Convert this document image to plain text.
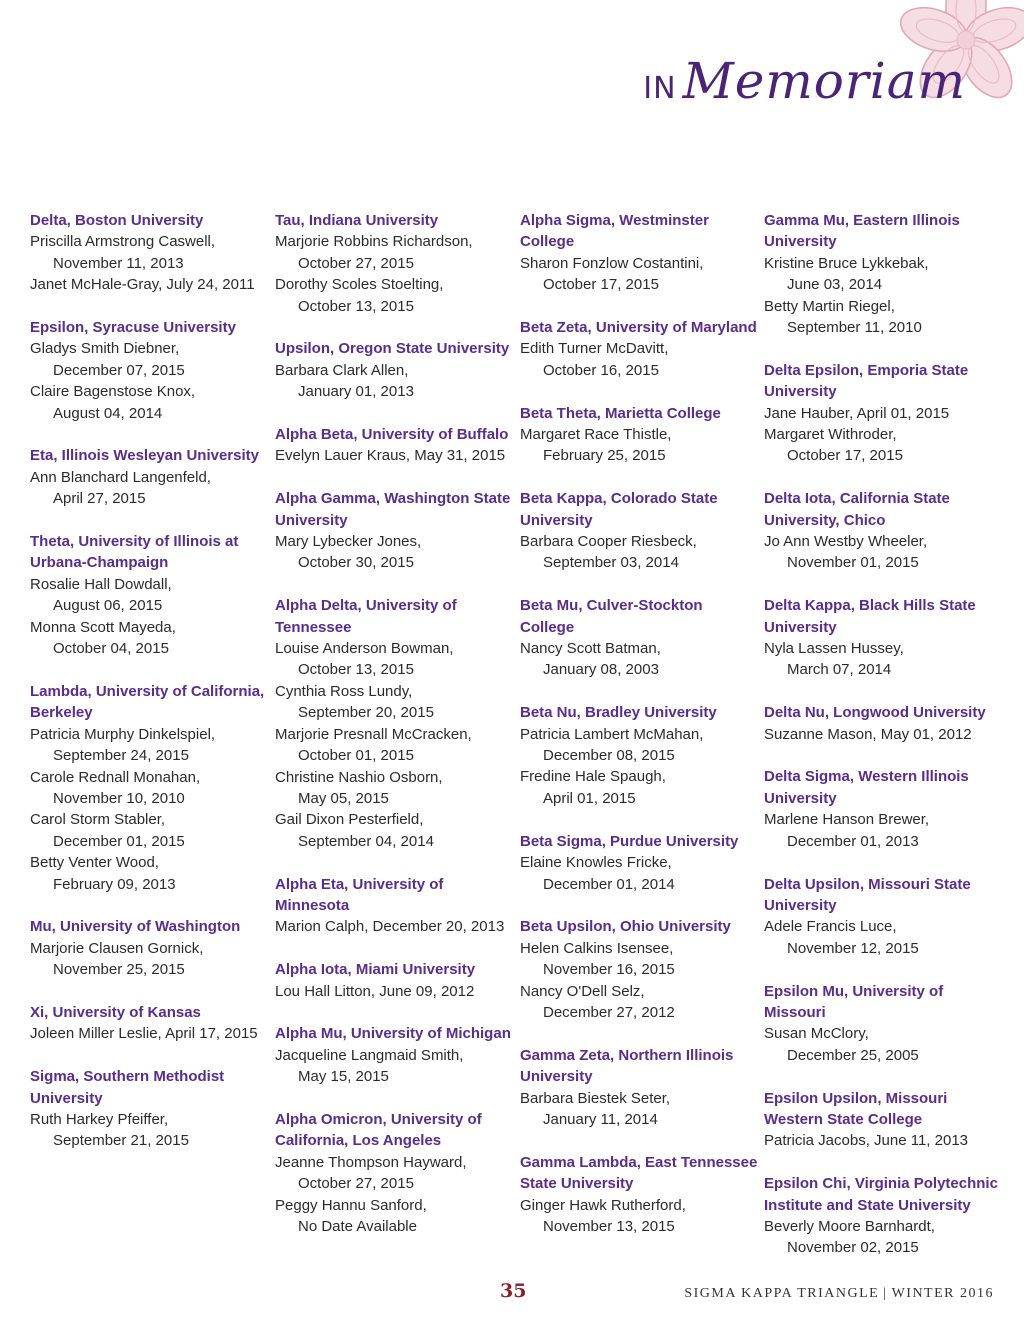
IN Memoriam
Delta, Boston University
Priscilla Armstrong Caswell,
November 11, 2013
Janet McHale-Gray, July 24, 2011
Epsilon, Syracuse University
Gladys Smith Diebner,
December 07, 2015
Claire Bagenstose Knox,
August 04, 2014
Eta, Illinois Wesleyan University
Ann Blanchard Langenfeld,
April 27, 2015
Theta, University of Illinois at Urbana-Champaign
Rosalie Hall Dowdall,
August 06, 2015
Monna Scott Mayeda,
October 04, 2015
Lambda, University of California, Berkeley
Patricia Murphy Dinkelspiel,
September 24, 2015
Carole Rednall Monahan,
November 10, 2010
Carol Storm Stabler,
December 01, 2015
Betty Venter Wood,
February 09, 2013
Mu, University of Washington
Marjorie Clausen Gornick,
November 25, 2015
Xi, University of Kansas
Joleen Miller Leslie, April 17, 2015
Sigma, Southern Methodist University
Ruth Harkey Pfeiffer,
September 21, 2015
Tau, Indiana University
Marjorie Robbins Richardson,
October 27, 2015
Dorothy Scoles Stoelting,
October 13, 2015
Upsilon, Oregon State University
Barbara Clark Allen,
January 01, 2013
Alpha Beta, University of Buffalo
Evelyn Lauer Kraus, May 31, 2015
Alpha Gamma, Washington State University
Mary Lybecker Jones,
October 30, 2015
Alpha Delta, University of Tennessee
Louise Anderson Bowman,
October 13, 2015
Cynthia Ross Lundy,
September 20, 2015
Marjorie Presnall McCracken,
October 01, 2015
Christine Nashio Osborn,
May 05, 2015
Gail Dixon Pesterfield,
September 04, 2014
Alpha Eta, University of Minnesota
Marion Calph, December 20, 2013
Alpha Iota, Miami University
Lou Hall Litton, June 09, 2012
Alpha Mu, University of Michigan
Jacqueline Langmaid Smith,
May 15, 2015
Alpha Omicron, University of California, Los Angeles
Jeanne Thompson Hayward,
October 27, 2015
Peggy Hannu Sanford,
No Date Available
Alpha Sigma, Westminster College
Sharon Fonzlow Costantini,
October 17, 2015
Beta Zeta, University of Maryland
Edith Turner McDavitt,
October 16, 2015
Beta Theta, Marietta College
Margaret Race Thistle,
February 25, 2015
Beta Kappa, Colorado State University
Barbara Cooper Riesbeck,
September 03, 2014
Beta Mu, Culver-Stockton College
Nancy Scott Batman,
January 08, 2003
Beta Nu, Bradley University
Patricia Lambert McMahan,
December 08, 2015
Fredine Hale Spaugh,
April 01, 2015
Beta Sigma, Purdue University
Elaine Knowles Fricke,
December 01, 2014
Beta Upsilon, Ohio University
Helen Calkins Isensee,
November 16, 2015
Nancy O'Dell Selz,
December 27, 2012
Gamma Zeta, Northern Illinois University
Barbara Biestek Seter,
January 11, 2014
Gamma Lambda, East Tennessee State University
Ginger Hawk Rutherford,
November 13, 2015
Gamma Mu, Eastern Illinois University
Kristine Bruce Lykkebak,
June 03, 2014
Betty Martin Riegel,
September 11, 2010
Delta Epsilon, Emporia State University
Jane Hauber, April 01, 2015
Margaret Withroder,
October 17, 2015
Delta Iota, California State University, Chico
Jo Ann Westby Wheeler,
November 01, 2015
Delta Kappa, Black Hills State University
Nyla Lassen Hussey,
March 07, 2014
Delta Nu, Longwood University
Suzanne Mason, May 01, 2012
Delta Sigma, Western Illinois University
Marlene Hanson Brewer,
December 01, 2013
Delta Upsilon, Missouri State University
Adele Francis Luce,
November 12, 2015
Epsilon Mu, University of Missouri
Susan McClory,
December 25, 2005
Epsilon Upsilon, Missouri Western State College
Patricia Jacobs, June 11, 2013
Epsilon Chi, Virginia Polytechnic Institute and State University
Beverly Moore Barnhardt,
November 02, 2015
35	SIGMA KAPPA TRIANGLE | WINTER 2016
